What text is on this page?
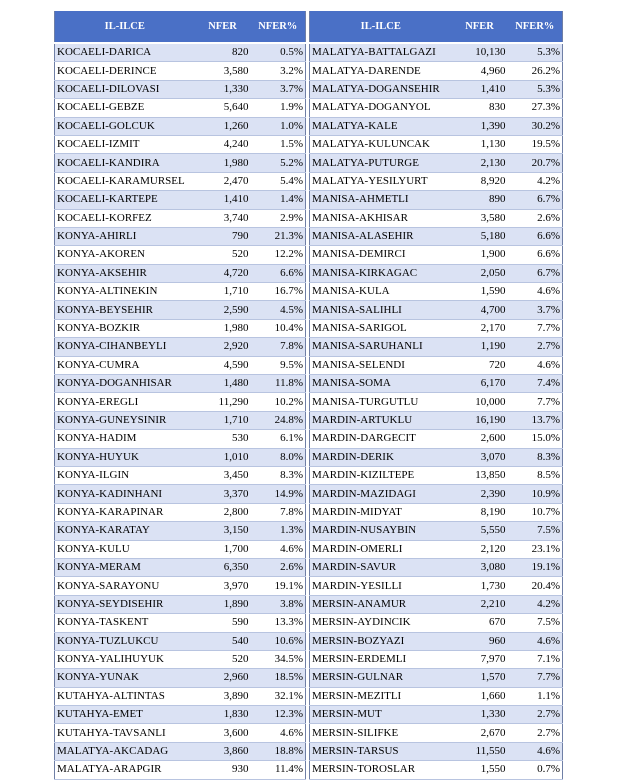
IL-ILCE	NFER	NFER%
KOCAELI-DARICA	820	0.5%
KOCAELI-DERINCE	3,580	3.2%
KOCAELI-DILOVASI	1,330	3.7%
KOCAELI-GEBZE	5,640	1.9%
KOCAELI-GOLCUK	1,260	1.0%
KOCAELI-IZMIT	4,240	1.5%
KOCAELI-KANDIRA	1,980	5.2%
KOCAELI-KARAMURSEL	2,470	5.4%
KOCAELI-KARTEPE	1,410	1.4%
KOCAELI-KORFEZ	3,740	2.9%
KONYA-AHIRLI	790	21.3%
KONYA-AKOREN	520	12.2%
KONYA-AKSEHIR	4,720	6.6%
KONYA-ALTINEKIN	1,710	16.7%
KONYA-BEYSEHIR	2,590	4.5%
KONYA-BOZKIR	1,980	10.4%
KONYA-CIHANBEYLI	2,920	7.8%
KONYA-CUMRA	4,590	9.5%
KONYA-DOGANHISAR	1,480	11.8%
KONYA-EREGLI	11,290	10.2%
KONYA-GUNEYSINIR	1,710	24.8%
KONYA-HADIM	530	6.1%
KONYA-HUYUK	1,010	8.0%
KONYA-ILGIN	3,450	8.3%
KONYA-KADINHANI	3,370	14.9%
KONYA-KARAPINAR	2,800	7.8%
KONYA-KARATAY	3,150	1.3%
KONYA-KULU	1,700	4.6%
KONYA-MERAM	6,350	2.6%
KONYA-SARAYONU	3,970	19.1%
KONYA-SEYDISEHIR	1,890	3.8%
KONYA-TASKENT	590	13.3%
KONYA-TUZLUKCU	540	10.6%
KONYA-YALIHUYUK	520	34.5%
KONYA-YUNAK	2,960	18.5%
KUTAHYA-ALTINTAS	3,890	32.1%
KUTAHYA-EMET	1,830	12.3%
KUTAHYA-TAVSANLI	3,600	4.6%
MALATYA-AKCADAG	3,860	18.8%
MALATYA-ARAPGIR	930	11.4%
IL-ILCE	NFER	NFER%
MALATYA-BATTALGAZI	10,130	5.3%
MALATYA-DARENDE	4,960	26.2%
MALATYA-DOGANSEHIR	1,410	5.3%
MALATYA-DOGANYOL	830	27.3%
MALATYA-KALE	1,390	30.2%
MALATYA-KULUNCAK	1,130	19.5%
MALATYA-PUTURGE	2,130	20.7%
MALATYA-YESILYURT	8,920	4.2%
MANISA-AHMETLI	890	6.7%
MANISA-AKHISAR	3,580	2.6%
MANISA-ALASEHIR	5,180	6.6%
MANISA-DEMIRCI	1,900	6.6%
MANISA-KIRKAGAC	2,050	6.7%
MANISA-KULA	1,590	4.6%
MANISA-SALIHLI	4,700	3.7%
MANISA-SARIGOL	2,170	7.7%
MANISA-SARUHANLI	1,190	2.7%
MANISA-SELENDI	720	4.6%
MANISA-SOMA	6,170	7.4%
MANISA-TURGUTLU	10,000	7.7%
MARDIN-ARTUKLU	16,190	13.7%
MARDIN-DARGECIT	2,600	15.0%
MARDIN-DERIK	3,070	8.3%
MARDIN-KIZILTEPE	13,850	8.5%
MARDIN-MAZIDAGI	2,390	10.9%
MARDIN-MIDYAT	8,190	10.7%
MARDIN-NUSAYBIN	5,550	7.5%
MARDIN-OMERLI	2,120	23.1%
MARDIN-SAVUR	3,080	19.1%
MARDIN-YESILLI	1,730	20.4%
MERSIN-ANAMUR	2,210	4.2%
MERSIN-AYDINCIK	670	7.5%
MERSIN-BOZYAZI	960	4.6%
MERSIN-ERDEMLI	7,970	7.1%
MERSIN-GULNAR	1,570	7.7%
MERSIN-MEZITLI	1,660	1.1%
MERSIN-MUT	1,330	2.7%
MERSIN-SILIFKE	2,670	2.7%
MERSIN-TARSUS	11,550	4.6%
MERSIN-TOROSLAR	1,550	0.7%
